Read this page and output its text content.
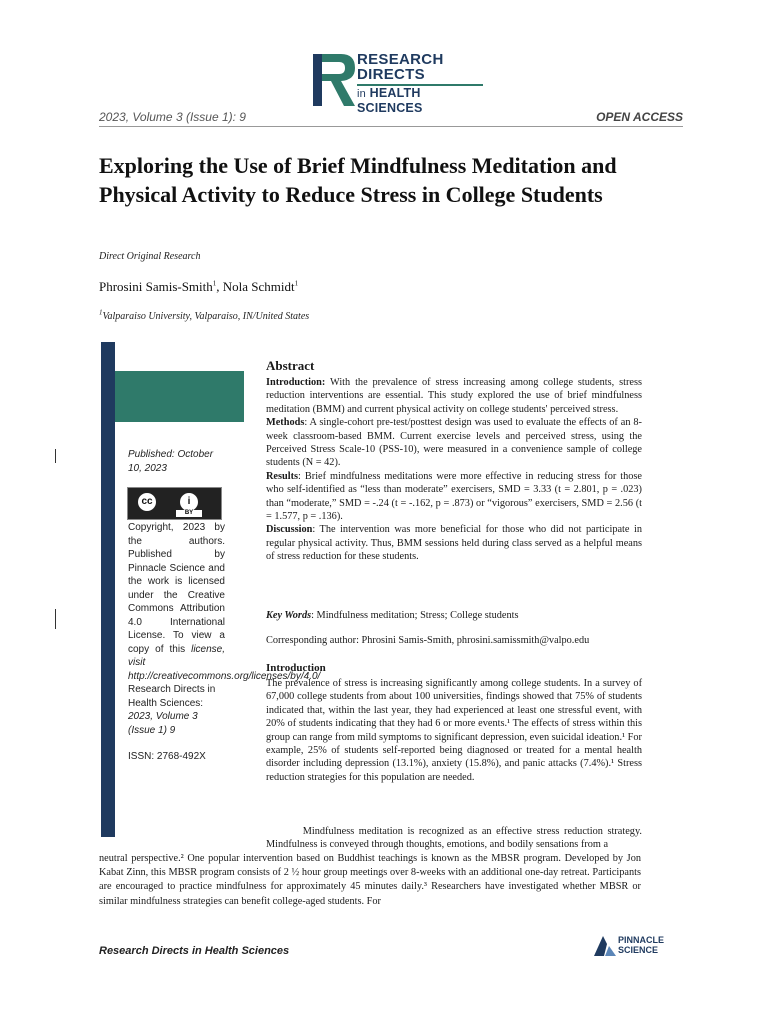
RESEARCH
DIRECTS
in HEALTH SCIENCES
2023, Volume 3 (Issue 1): 9	OPEN ACCESS
Exploring the Use of Brief Mindfulness Meditation and Physical Activity to Reduce Stress in College Students
Direct Original Research
Phrosini Samis-Smith$^1$, Nola Schmidt$^1$
$^1$Valparaiso University, Valparaiso, IN/United States
Published: October 10, 2023
cc	i
BY
Copyright, 2023 by the authors. Published by Pinnacle Science and the work is licensed under the Creative Commons Attribution 4.0 International License. To view a copy of this license, visit http://creativecommons.org/licenses/by/4.0/
Research Directs in Health Sciences: 2023, Volume 3 (Issue 1) 9
ISSN: 2768-492X
Abstract

Introduction: With the prevalence of stress increasing among college students, stress reduction interventions are essential. This study explored the use of brief mindfulness meditation (BMM) and current physical activity on college students' perceived stress.

Methods: A single-cohort pre-test/posttest design was used to evaluate the effects of an 8-week classroom-based BMM. Current exercise levels and perceived stress, using the Perceived Stress Scale-10 (PSS-10), were measured in a convenience sample of college students (N = 42).

Results: Brief mindfulness meditations were more effective in reducing stress for those who self-identified as “less than moderate” exercisers, SMD = 3.33 (t = 2.801, p = .023) than “moderate,” SMD = -.24 (t = -.162, p = .873) or “vigorous” exercisers, SMD = 2.56 (t = 1.577, p = .136).

Discussion: The intervention was more beneficial for those who did not participate in regular physical activity. Thus, BMM sessions held during class served as a helpful means of stress reduction for these students.

Key Words: Mindfulness meditation; Stress; College students
Corresponding author: Phrosini Samis-Smith, phrosini.samissmith@valpo.edu
Introduction
The prevalence of stress is increasing significantly among college students. In a survey of 67,000 college students from about 100 universities, findings showed that 75% of students indicated that, within the last year, they had experienced at least one stressful event, with 20% of students indicating that they had 6 or more events.¹ The effects of stress within this group can range from mild symptoms to significant depression, even suicidal ideation.¹ For example, 25% of students self-reported being diagnosed or treated for a mental health disorder including depression (13.1%), anxiety (15.8%), and panic attacks (7.4%).¹ Stress reduction strategies for this population are needed.
Mindfulness meditation is recognized as an effective stress reduction strategy. Mindfulness is conveyed through thoughts, emotions, and bodily sensations from a
neutral perspective.² One popular intervention based on Buddhist teachings is known as the MBSR program. Developed by Jon Kabat Zinn, this MBSR program consists of 2 ½ hour group meetings over 8-weeks with an additional one-day retreat. Participants are encouraged to practice mindfulness for approximately 45 minutes daily.³ Researchers have investigated whether MBSR or similar mindfulness strategies can benefit college-aged students. For
Research Directs in Health Sciences
PINNACLE
SCIENCE
